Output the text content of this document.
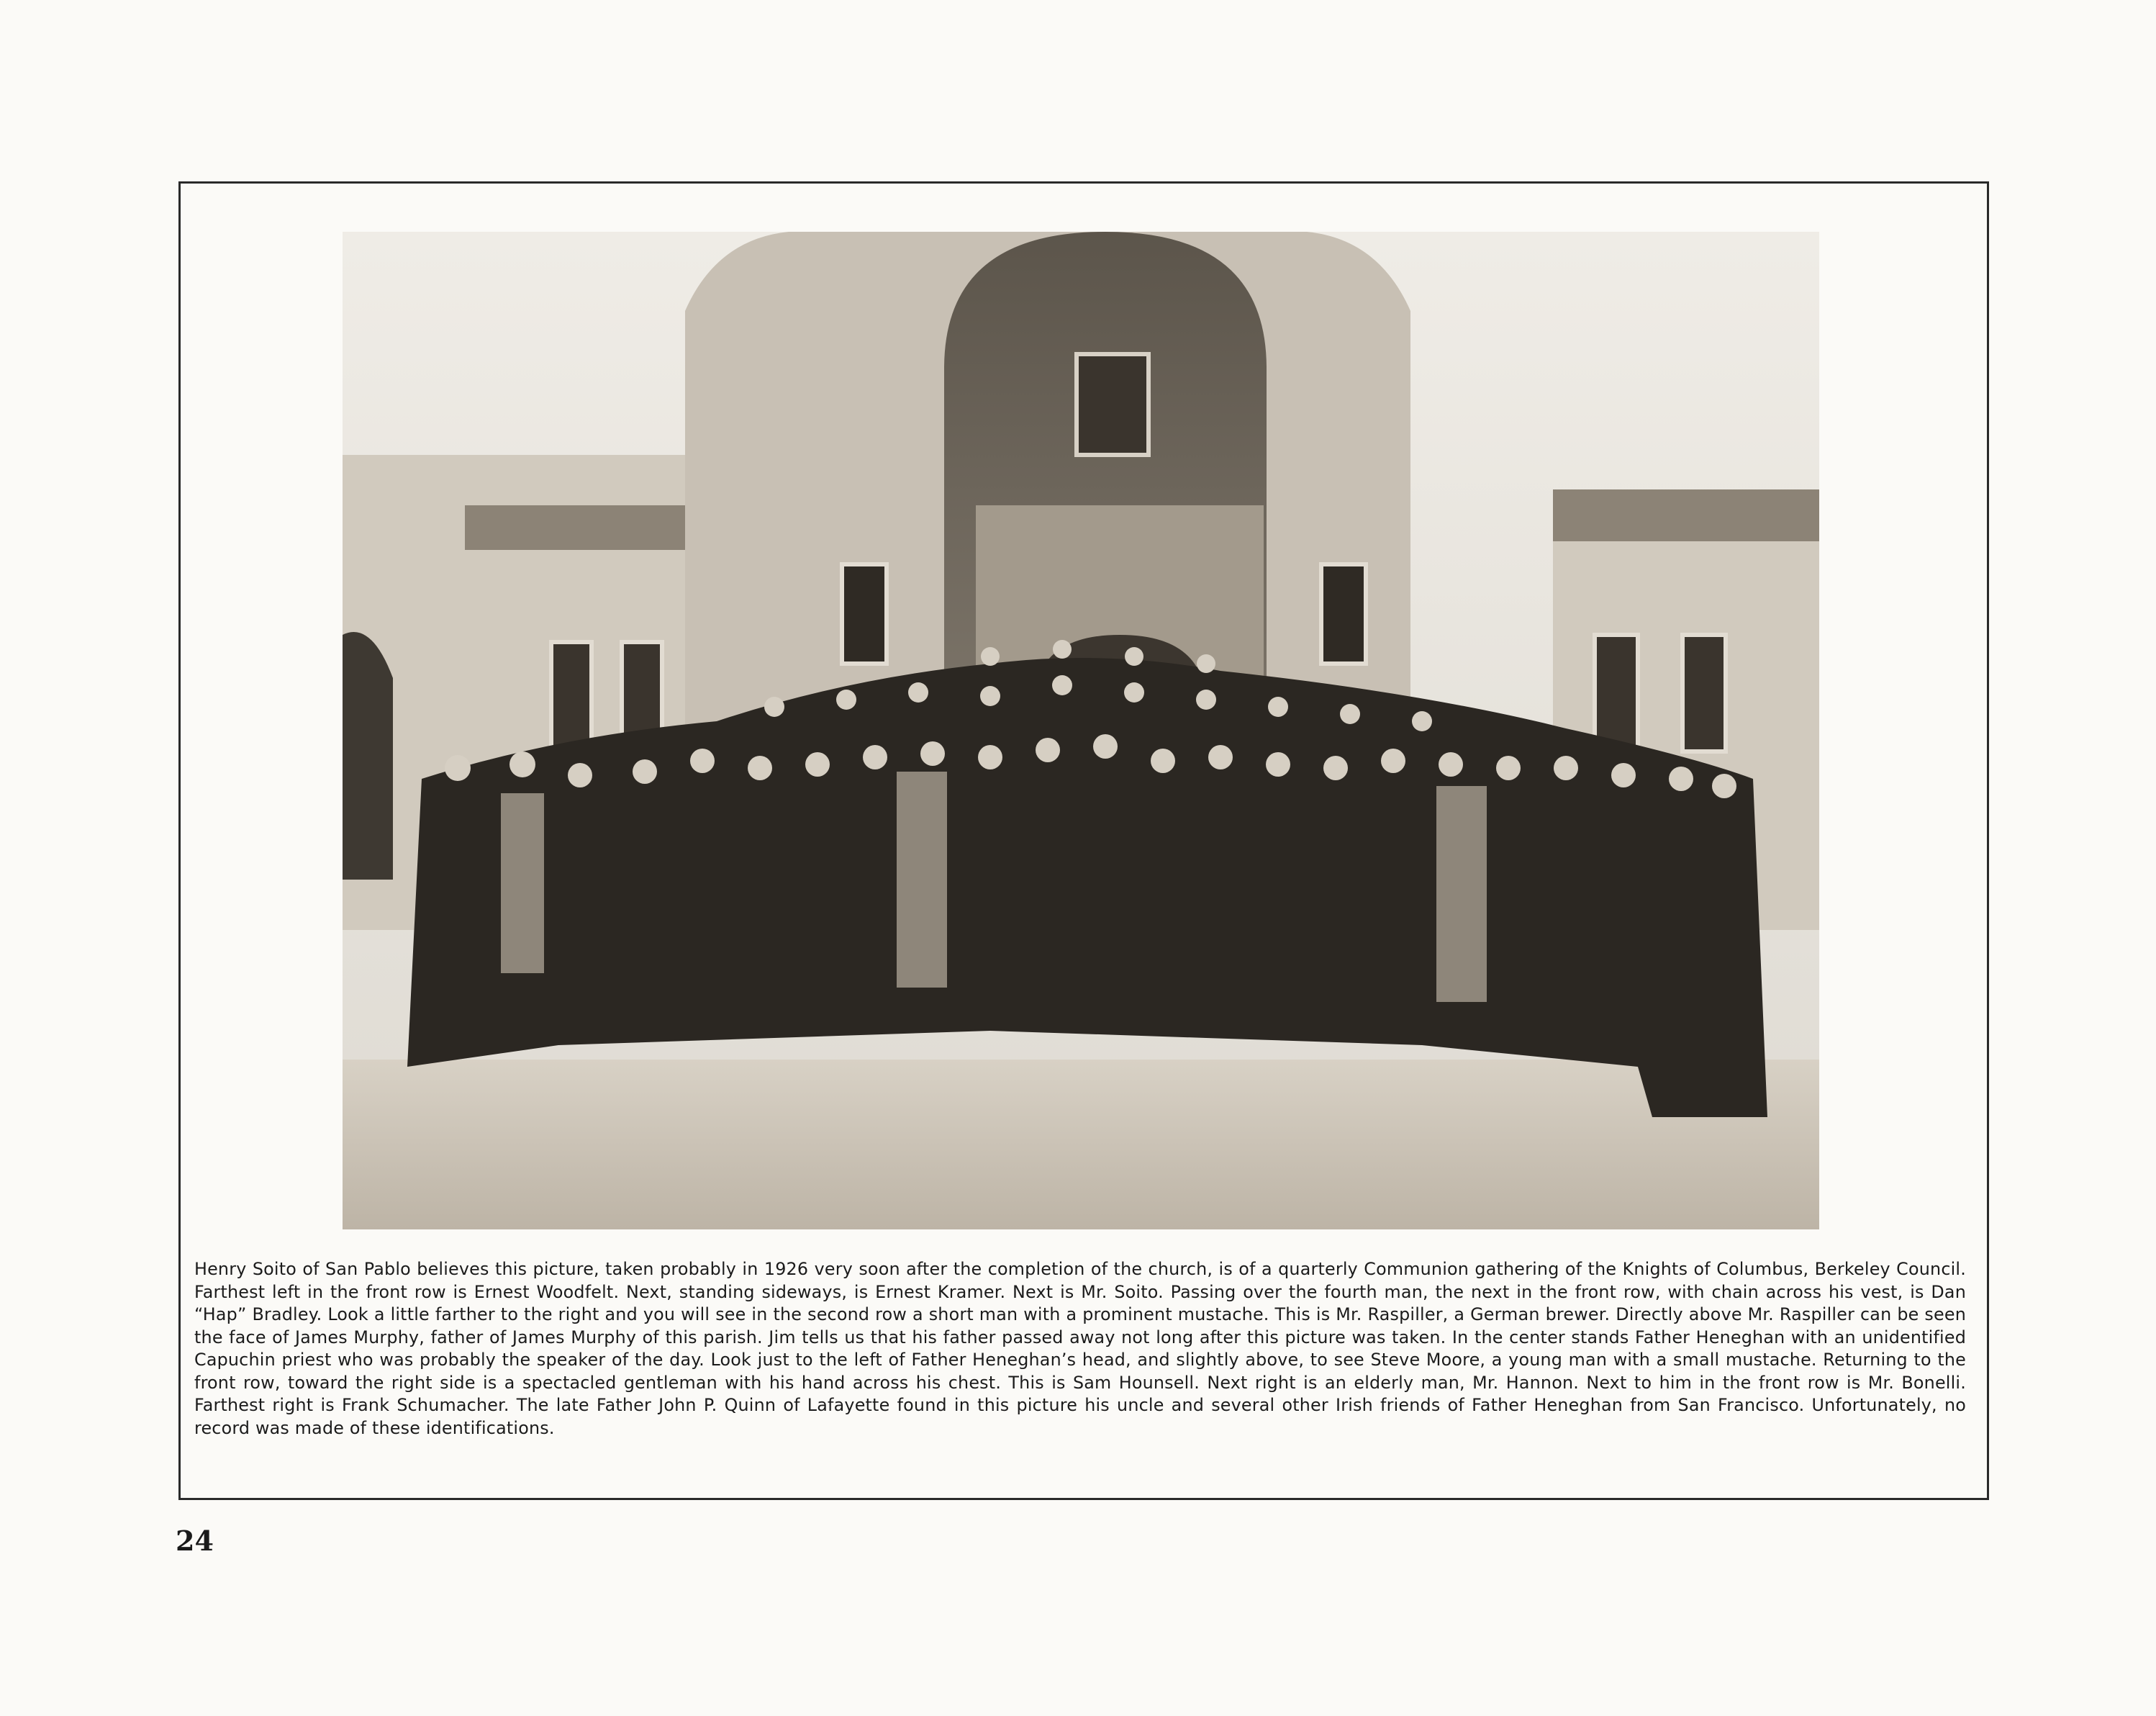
Henry Soito of San Pablo believes this picture, taken probably in 1926 very soon after the completion of the church, is of a quarterly Communion gathering of the Knights of Columbus, Berkeley Council. Farthest left in the front row is Ernest Woodfelt. Next, standing sideways, is Ernest Kramer. Next is Mr. Soito. Passing over the fourth man, the next in the front row, with chain across his vest, is Dan “Hap” Bradley. Look a little farther to the right and you will see in the second row a short man with a prominent mustache. This is Mr. Raspiller, a German brewer. Directly above Mr. Raspiller can be seen the face of James Murphy, father of James Murphy of this parish. Jim tells us that his father passed away not long after this picture was taken. In the center stands Father Heneghan with an unidentified Capuchin priest who was probably the speaker of the day. Look just to the left of Father Heneghan’s head, and slightly above, to see Steve Moore, a young man with a small mustache. Returning to the front row, toward the right side is a spectacled gentleman with his hand across his chest. This is Sam Hounsell. Next right is an elderly man, Mr. Hannon. Next to him in the front row is Mr. Bonelli. Farthest right is Frank Schumacher. The late Father John P. Quinn of Lafayette found in this picture his uncle and several other Irish friends of Father Heneghan from San Francisco. Unfortunately, no record was made of these identifications.

24
